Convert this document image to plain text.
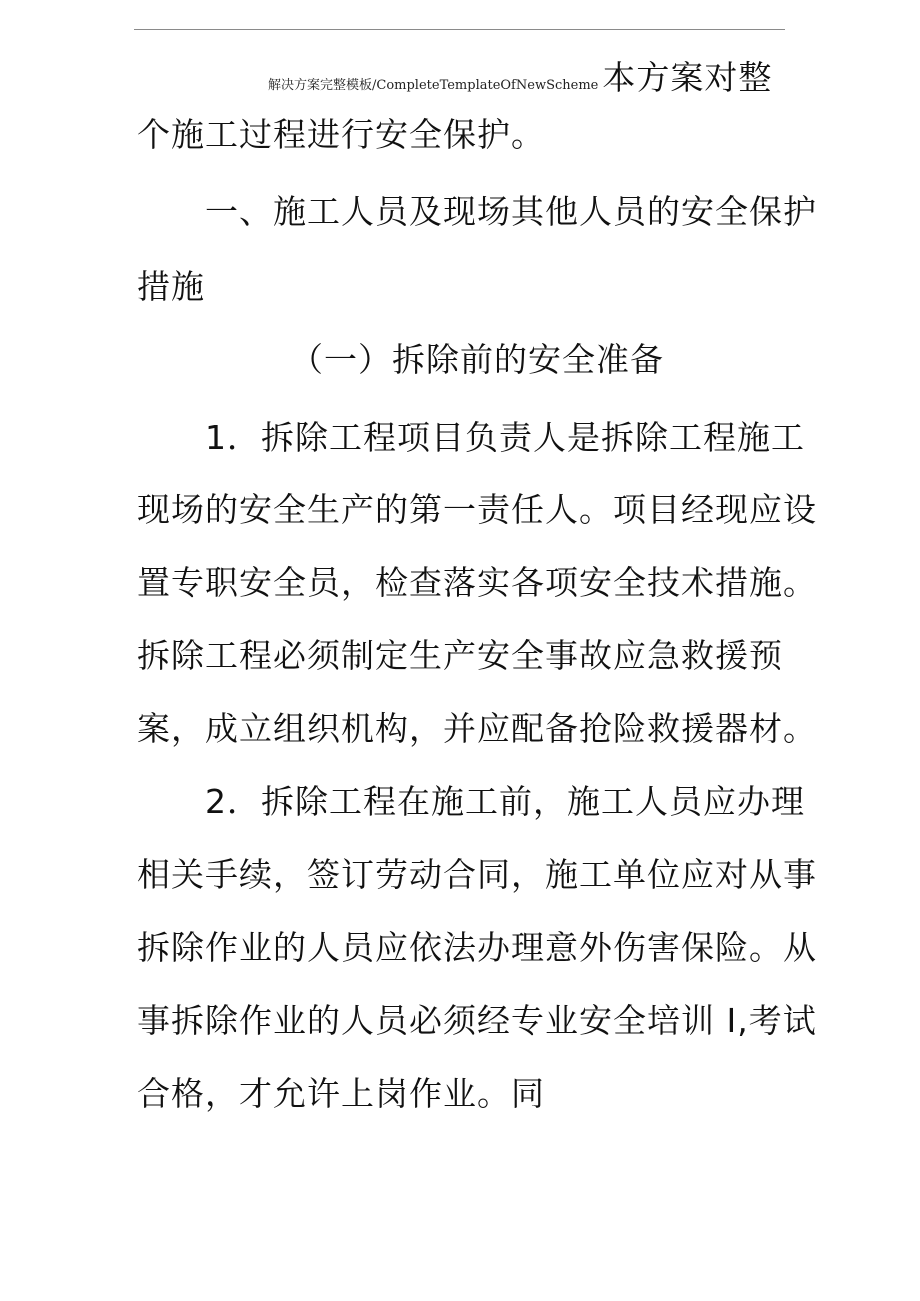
解决方案完整模板/CompleteTemplateOfNewScheme 本方案对整
个施工过程进行安全保护。
一、施工人员及现场其他人员的安全保护
措施
（一）拆除前的安全准备
1．拆除工程项目负责人是拆除工程施工
现场的安全生产的第一责任人。项目经现应设
置专职安全员，检查落实各项安全技术措施。
拆除工程必须制定生产安全事故应急救援预
案，成立组织机构，并应配备抢险救援器材。
2．拆除工程在施工前，施工人员应办理
相关手续，签订劳动合同，施工单位应对从事
拆除作业的人员应依法办理意外伤害保险。从
事拆除作业的人员必须经专业安全培训 I,考试
合格，才允许上岗作业。同
